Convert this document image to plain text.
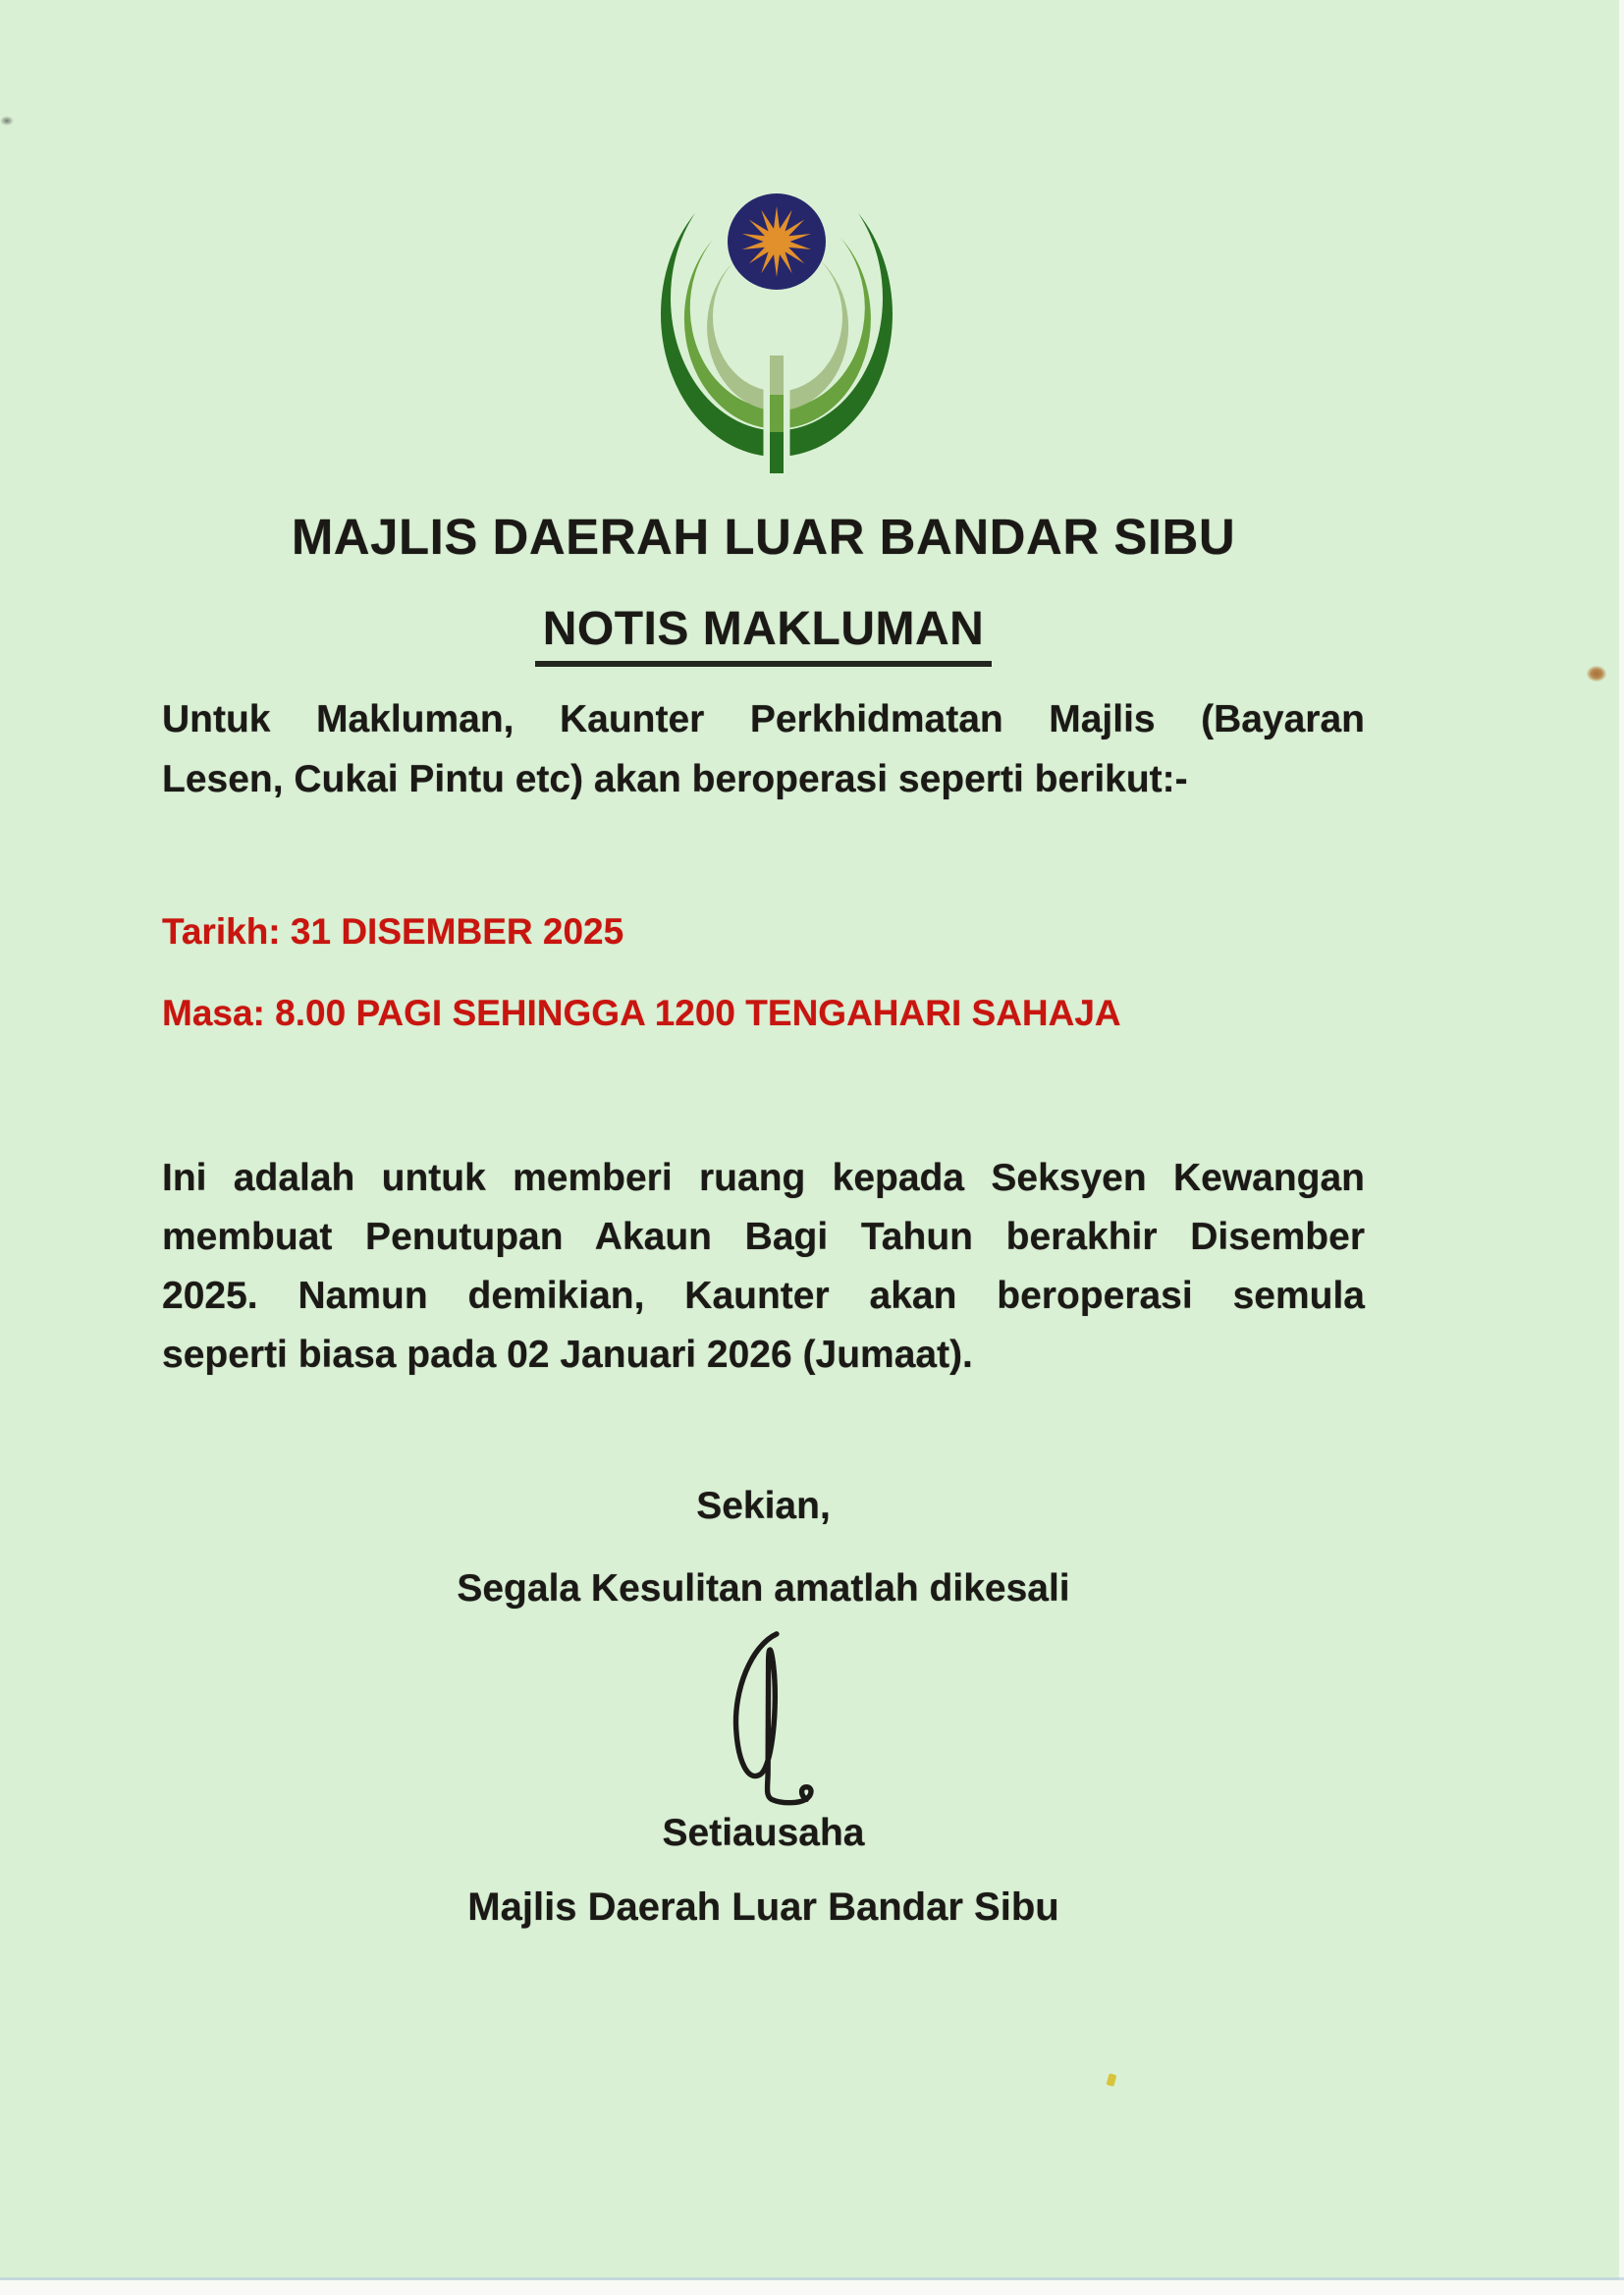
MAJLIS DAERAH LUAR BANDAR SIBU
NOTIS MAKLUMAN
Untuk Makluman, Kaunter Perkhidmatan Majlis (Bayaran
Lesen, Cukai Pintu etc) akan beroperasi seperti berikut:-
Tarikh: 31 DISEMBER 2025
Masa: 8.00 PAGI SEHINGGA 1200 TENGAHARI SAHAJA
Ini adalah untuk memberi ruang kepada Seksyen Kewangan
membuat Penutupan Akaun Bagi Tahun berakhir Disember
2025. Namun demikian, Kaunter akan beroperasi semula
seperti biasa pada 02 Januari 2026 (Jumaat).
Sekian,
Segala Kesulitan amatlah dikesali
Setiausaha
Majlis Daerah Luar Bandar Sibu
